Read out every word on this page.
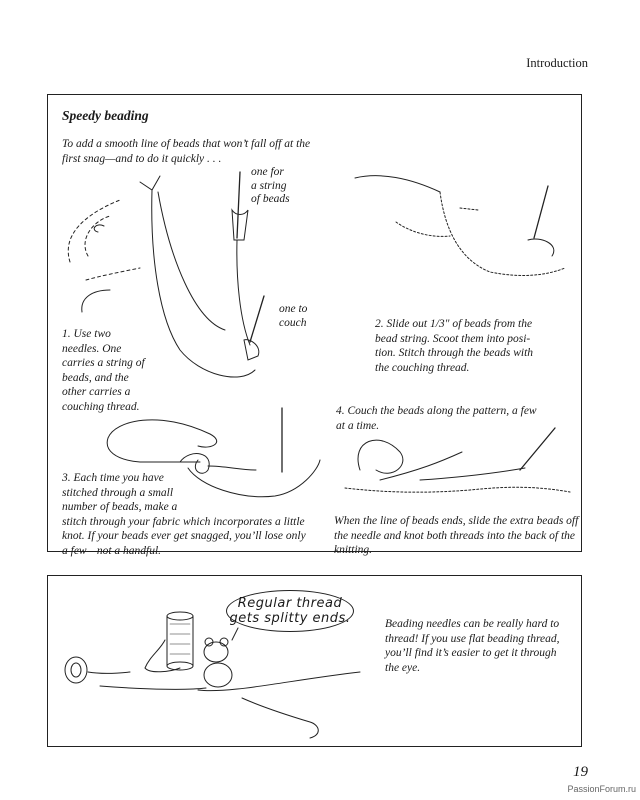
Introduction
Speedy beading
To add a smooth line of beads that won’t fall off at the
first snag—and to do it quickly . . .
one for
a string
of beads
one to
couch
1. Use two
needles. One
carries a string of
beads, and the
other carries a
couching thread.
2. Slide out 1/3" of beads from the
bead string. Scoot them into posi-
tion. Stitch through the beads with
the couching thread.
3. Each time you have
stitched through a small
number of beads, make a
stitch through your fabric which incorporates a little
knot. If your beads ever get snagged, you’ll lose only
a few—not a handful.
4. Couch the beads along the pattern, a few
at a time.
When the line of beads ends, slide the extra beads off
the needle and knot both threads into the back of the
knitting.
Regular thread
gets splitty ends.	Beading needles can be really hard to
thread! If you use flat beading thread,
you’ll find it’s easier to get it through
the eye.
19
PassionForum.ru
